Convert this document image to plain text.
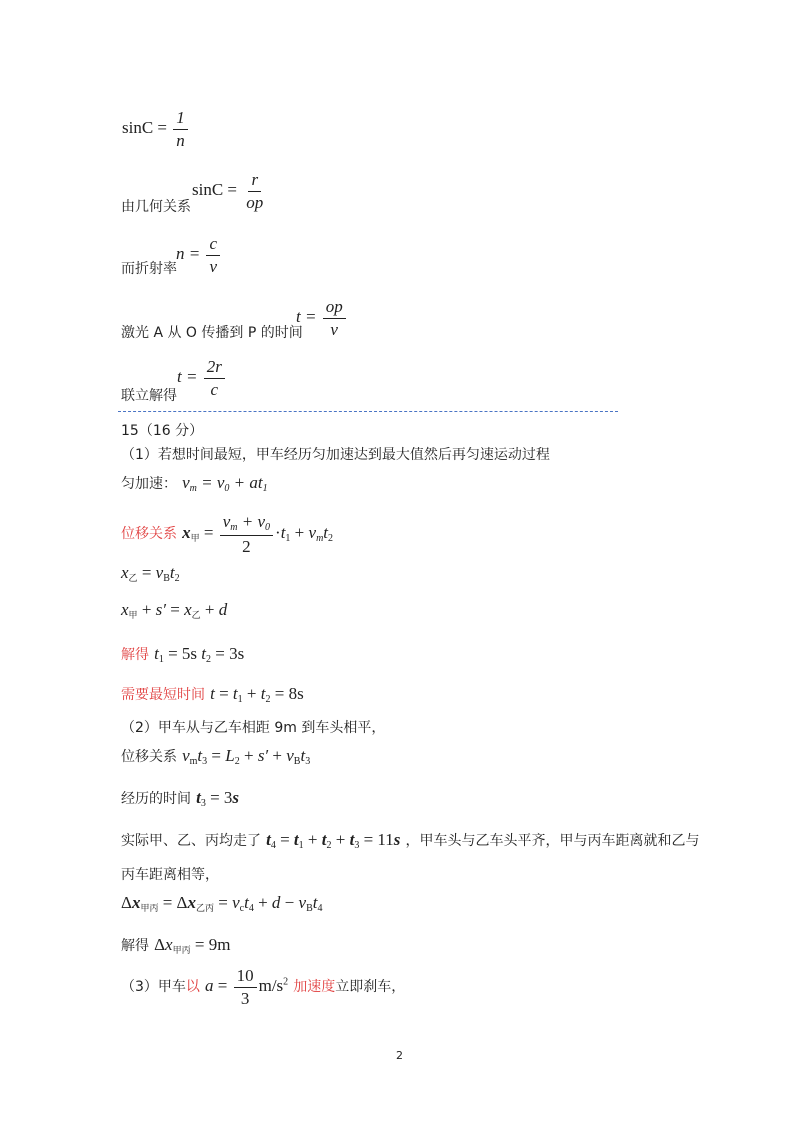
$\sin C = \frac{1}{n}$
由几何关系
$\sin C = \frac{r}{op}$
而折射率
$n = \frac{c}{v}$
激光 A 从 O 传播到 P 的时间
$t = \frac{op}{v}$
联立解得
$t = \frac{2r}{c}$
15（16 分）
（1）若想时间最短，甲车经历匀加速达到最大值然后再匀速运动过程
匀加速： $v_m = v_0 + at_1$
位移关系 $x_甲 = \frac{v_m + v_0}{2} \cdot t_1 + v_mt_2$
$x_乙 = v_Bt_2$
$x_甲 + s' = x_乙 + d$
解得 $t_1 = 5s$ $t_2 = 3s$
需要最短时间 $t = t_1 + t_2 = 8s$
（2）甲车从与乙车相距 9m 到车头相平，
位移关系 $v_mt_3 = L_2 + s' + v_Bt_3$
经历的时间 $t_3 = 3s$
实际甲、乙、丙均走了 $t_4 = t_1 + t_2 + t_3 = 11s$ ，甲车头与乙车头平齐，甲与丙车距离就和乙与
丙车距离相等，
$\Delta x_{甲丙} = \Delta x_{乙丙} = v_ct_4 + d - v_Bt_4$
解得 $\Delta x_{甲丙} = 9m$
（3）甲车以 $a = \frac{10}{3} m/s^2$ 加速度立即刹车，
2
